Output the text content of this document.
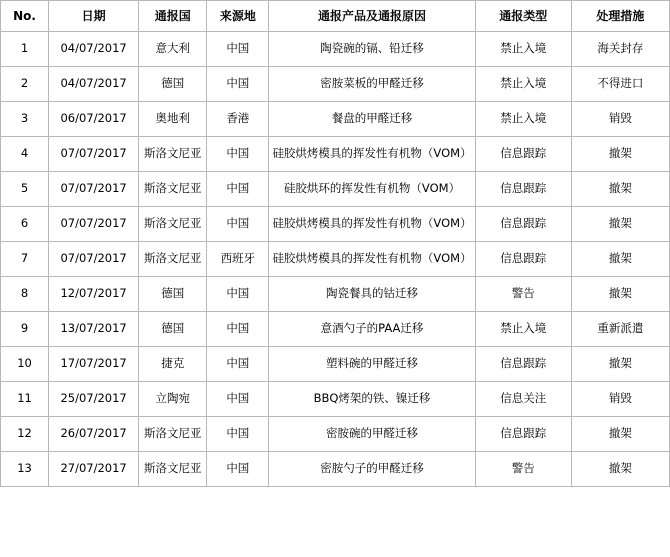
No.	日期	通报国	来源地	通报产品及通报原因	通报类型	处理措施
1	04/07/2017	意大利	中国	陶瓷碗的镉、铅迁移	禁止入境	海关封存
2	04/07/2017	德国	中国	密胺菜板的甲醛迁移	禁止入境	不得进口
3	06/07/2017	奥地利	香港	餐盘的甲醛迁移	禁止入境	销毁
4	07/07/2017	斯洛文尼亚	中国	硅胶烘烤模具的挥发性有机物（VOM）	信息跟踪	撤架
5	07/07/2017	斯洛文尼亚	中国	硅胶烘环的挥发性有机物（VOM）	信息跟踪	撤架
6	07/07/2017	斯洛文尼亚	中国	硅胶烘烤模具的挥发性有机物（VOM）	信息跟踪	撤架
7	07/07/2017	斯洛文尼亚	西班牙	硅胶烘烤模具的挥发性有机物（VOM）	信息跟踪	撤架
8	12/07/2017	德国	中国	陶瓷餐具的钴迁移	警告	撤架
9	13/07/2017	德国	中国	意酒勺子的PAA迁移	禁止入境	重新派遣
10	17/07/2017	捷克	中国	塑料碗的甲醛迁移	信息跟踪	撤架
11	25/07/2017	立陶宛	中国	BBQ烤架的铁、镍迁移	信息关注	销毁
12	26/07/2017	斯洛文尼亚	中国	密胺碗的甲醛迁移	信息跟踪	撤架
13	27/07/2017	斯洛文尼亚	中国	密胺勺子的甲醛迁移	警告	撤架
